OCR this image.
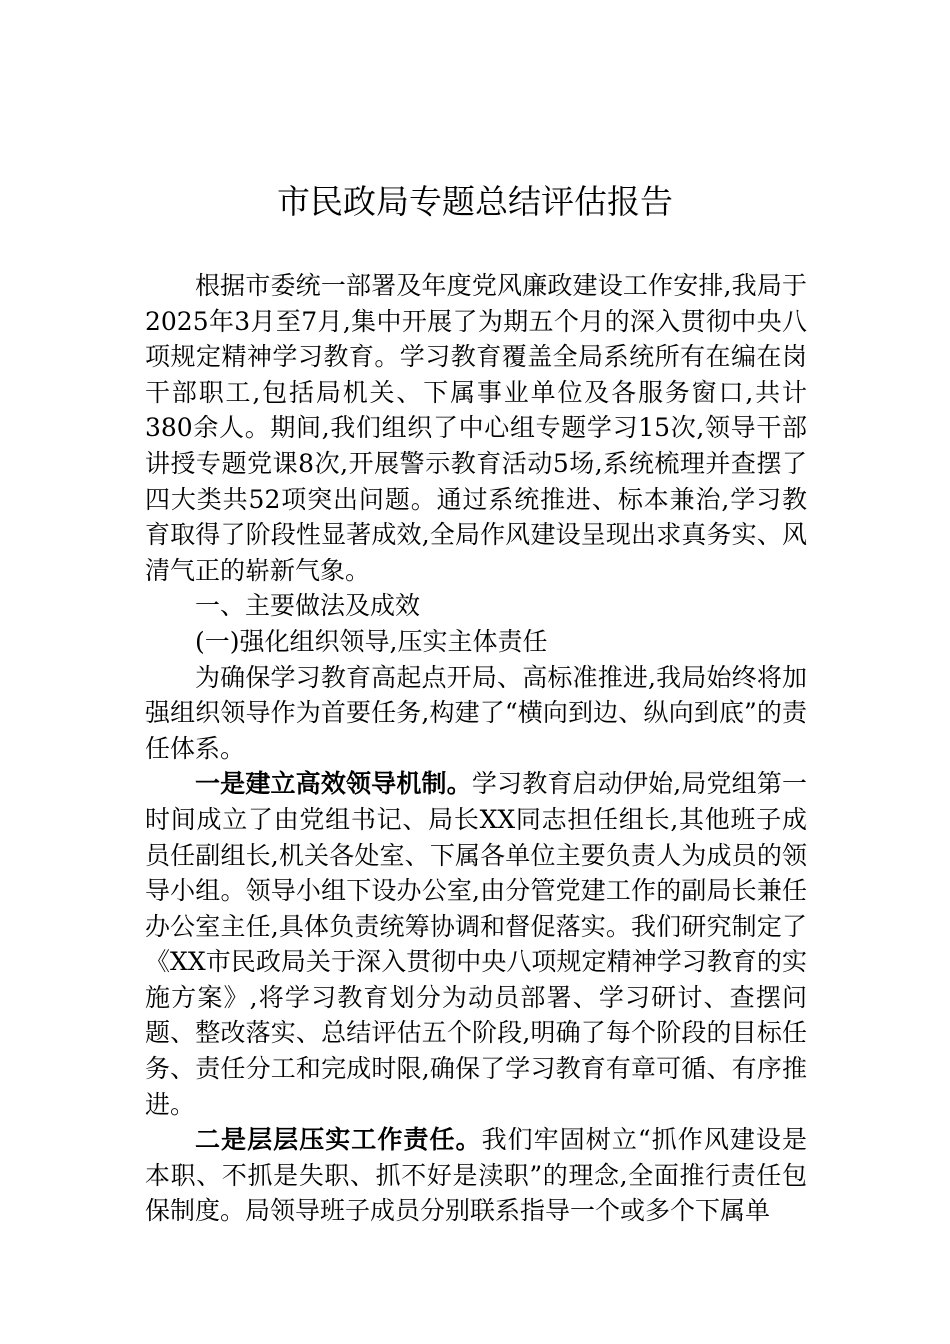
市民政局专题总结评估报告

根据市委统一部署及年度党风廉政建设工作安排,我局于2025年3月至7月,集中开展了为期五个月的深入贯彻中央八项规定精神学习教育。学习教育覆盖全局系统所有在编在岗干部职工,包括局机关、下属事业单位及各服务窗口,共计380余人。期间,我们组织了中心组专题学习15次,领导干部讲授专题党课8次,开展警示教育活动5场,系统梳理并查摆了四大类共52项突出问题。通过系统推进、标本兼治,学习教育取得了阶段性显著成效,全局作风建设呈现出求真务实、风清气正的崭新气象。

一、主要做法及成效

(一)强化组织领导,压实主体责任

为确保学习教育高起点开局、高标准推进,我局始终将加强组织领导作为首要任务,构建了“横向到边、纵向到底”的责任体系。

一是建立高效领导机制。学习教育启动伊始,局党组第一时间成立了由党组书记、局长XX同志担任组长,其他班子成员任副组长,机关各处室、下属各单位主要负责人为成员的领导小组。领导小组下设办公室,由分管党建工作的副局长兼任办公室主任,具体负责统筹协调和督促落实。我们研究制定了《XX市民政局关于深入贯彻中央八项规定精神学习教育的实施方案》,将学习教育划分为动员部署、学习研讨、查摆问题、整改落实、总结评估五个阶段,明确了每个阶段的目标任务、责任分工和完成时限,确保了学习教育有章可循、有序推进。

二是层层压实工作责任。我们牢固树立“抓作风建设是本职、不抓是失职、抓不好是渎职”的理念,全面推行责任包保制度。局领导班子成员分别联系指导一个或多个下属单
